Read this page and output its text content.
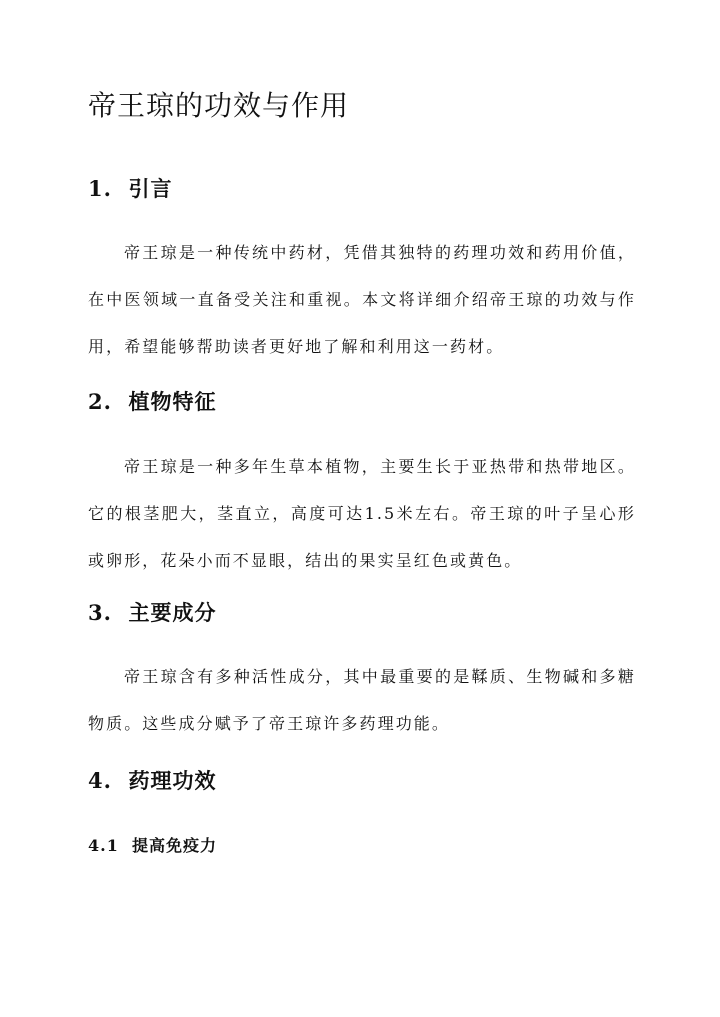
帝王琼的功效与作用
1.  引言

帝王琼是一种传统中药材，凭借其独特的药理功效和药用价值，在中医领域一直备受关注和重视。本文将详细介绍帝王琼的功效与作用，希望能够帮助读者更好地了解和利用这一药材。

2.  植物特征

帝王琼是一种多年生草本植物，主要生长于亚热带和热带地区。它的根茎肥大，茎直立，高度可达1.5米左右。帝王琼的叶子呈心形或卵形，花朵小而不显眼，结出的果实呈红色或黄色。

3.  主要成分

帝王琼含有多种活性成分，其中最重要的是鞣质、生物碱和多糖物质。这些成分赋予了帝王琼许多药理功能。

4.  药理功效
4.1  提高免疫力
